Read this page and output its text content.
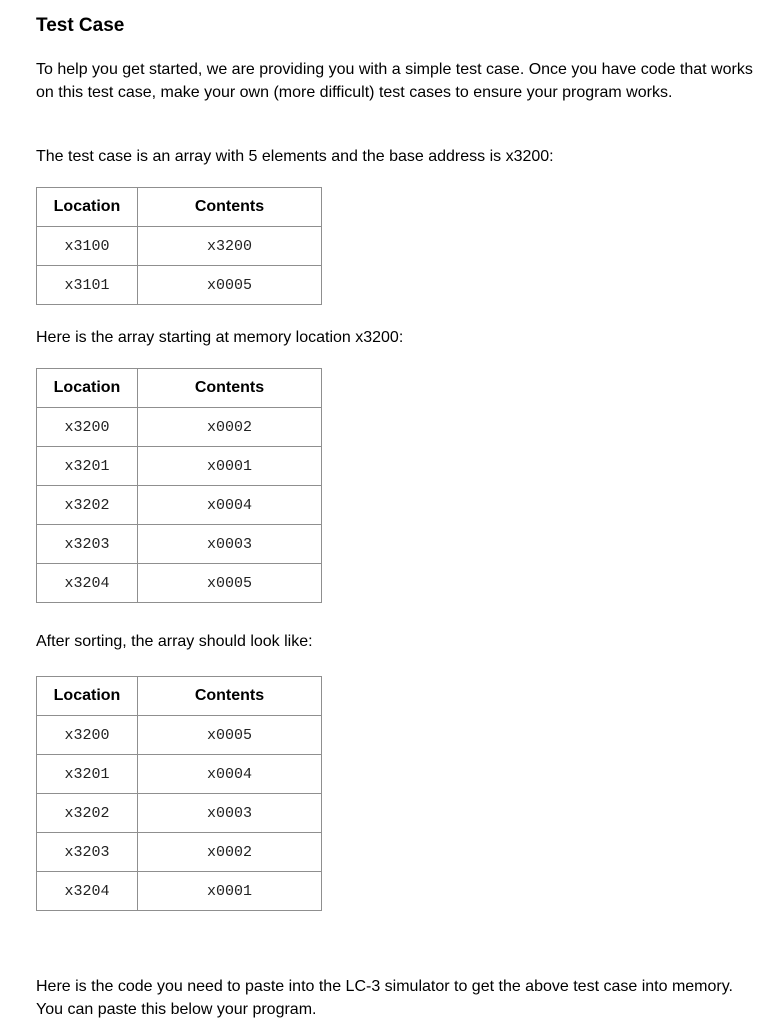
Test Case

To help you get started, we are providing you with a simple test case. Once you have code that works on this test case, make your own (more difficult) test cases to ensure your program works.

The test case is an array with 5 elements and the base address is x3200:

Location	Contents
x3100	x3200
x3101	x0005

Here is the array starting at memory location x3200:

Location	Contents
x3200	x0002
x3201	x0001
x3202	x0004
x3203	x0003
x3204	x0005

After sorting, the array should look like:

Location	Contents
x3200	x0005
x3201	x0004
x3202	x0003
x3203	x0002
x3204	x0001

Here is the code you need to paste into the LC-3 simulator to get the above test case into memory. You can paste this below your program.
